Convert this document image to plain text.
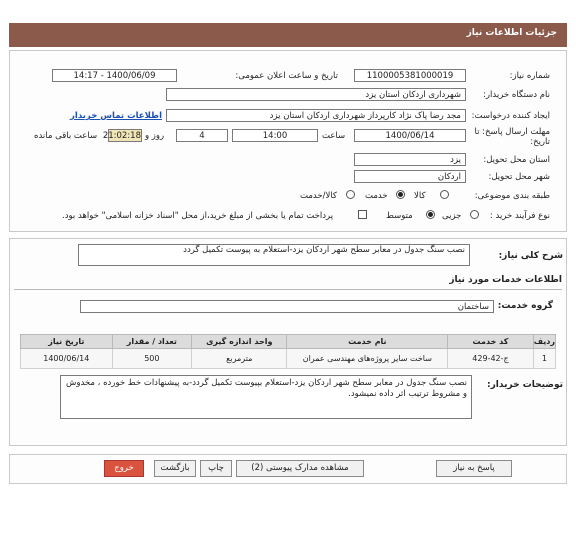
جزئیات اطلاعات نیاز
شماره نیاز:
1100005381000019
تاریخ و ساعت اعلان عمومی:
1400/06/09 - 14:17
نام دستگاه خریدار:
شهرداری اردکان استان یزد
ایجاد کننده درخواست:
مجد رضا پاک نژاد کارپرداز شهرداری اردکان استان یزد
اطلاعات تماس خریدار
مهلت ارسال پاسخ: تا تاریخ:
1400/06/14
ساعت
14:00
4
روز و
21:02:18
ساعت باقی مانده
استان محل تحویل:
یزد
شهر محل تحویل:
اردکان
طبقه بندی موضوعی:
کالا
خدمت
کالا/خدمت
نوع فرآیند خرید :
جزیی
متوسط
پرداخت تمام یا بخشی از مبلغ خرید،از محل "اسناد خزانه اسلامی" خواهد بود.
شرح کلی نیاز:
نصب سنگ جدول در معابر سطح شهر اردکان یزد-استعلام به پیوست تکمیل گردد
اطلاعات خدمات مورد نیاز
گروه خدمت:
ساختمان
ردیف	کد خدمت	نام خدمت	واحد اندازه گیری	تعداد / مقدار	تاریخ نیاز
1	ج-42-429	ساخت سایر پروژه‌های مهندسی عمران	مترمربع	500	1400/06/14
توضیحات خریدار:
نصب سنگ جدول در معابر سطح شهر اردکان یزد-استعلام بپیوست تکمیل گردد-به پیشنهادات خط خورده ، مخدوش و مشروط ترتیب اثر داده نمیشود.
پاسخ به نیاز
مشاهده مدارک پیوستی (2)
چاپ
بازگشت
خروج
